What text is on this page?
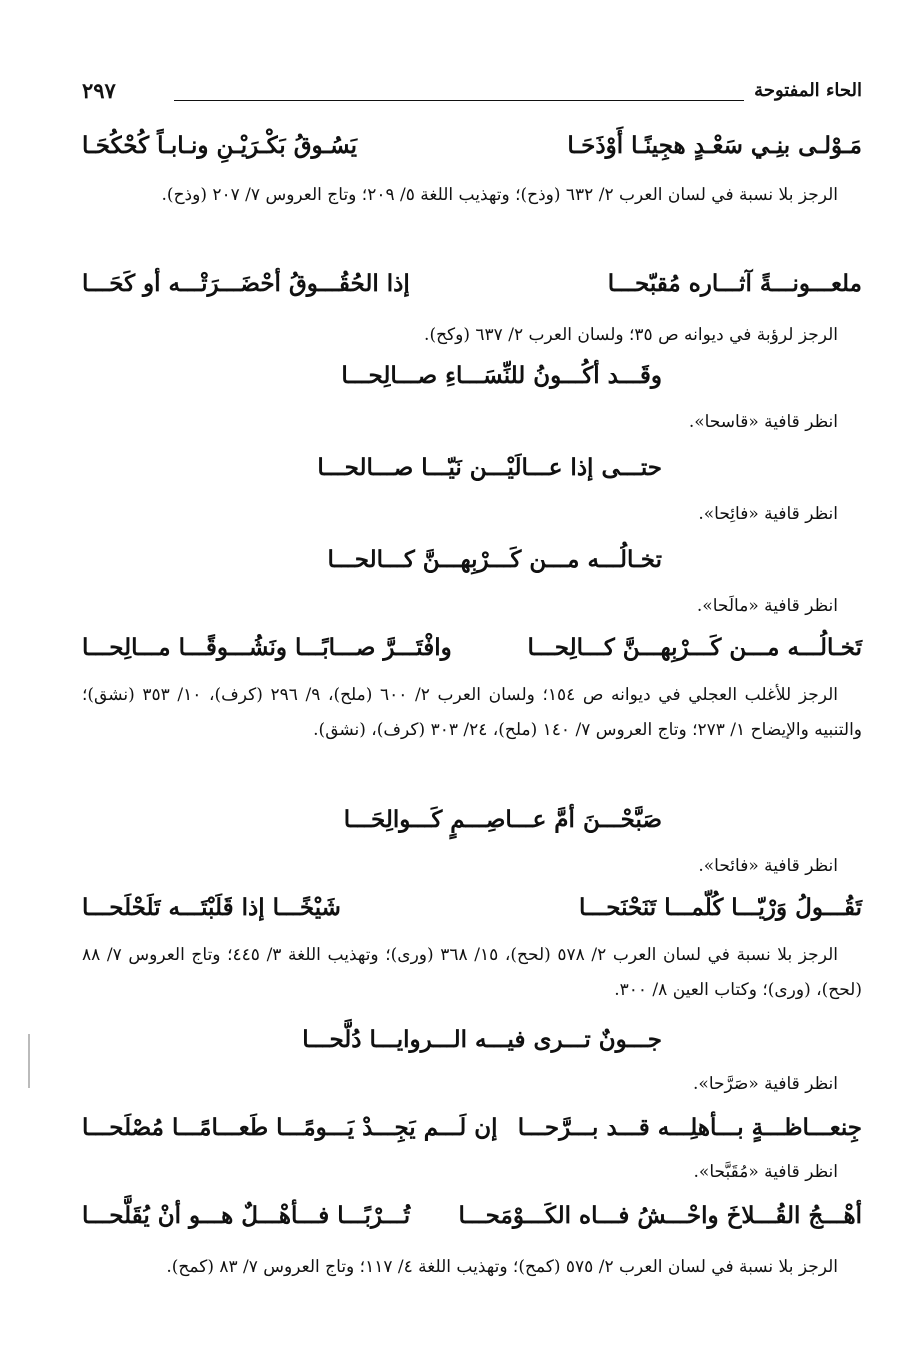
الحاء المفتوحة
٢٩٧
مَـوْلـى بنِـي سَعْـدٍ هجِينًـا أَوْذَحَـا
يَسُـوقُ بَكْـرَيْـنِ ونـابـاً كُحْكُحَـا
الرجز بلا نسبة في لسان العرب ٢/ ٦٣٢ (وذح)؛ وتهذيب اللغة ٥/ ٢٠٩؛ وتاج العروس ٧/ ٢٠٧ (وذح).
ملعـــونـــةً آثـــاره مُقبّحـــا
إذا الحُقُـــوقُ أحْضَـــرَتْـــه أو كَحَـــا
الرجز لرؤبة في ديوانه ص ٣٥؛ ولسان العرب ٢/ ٦٣٧ (وكح).
وقَـــد أكُـــونُ للنِّسَـــاءِ صـــالِحـــا
انظر قافية «قاسحا».
حتـــى إذا عـــالَيْـــن نَيّـــا صـــالحـــا
انظر قافية «فائِحا».
تخـالُـــه مـــن كَـــرْبِهـــنَّ كـــالحـــا
انظر قافية «مالَحا».
تَخـالُـــه مـــن كَـــرْبِهـــنَّ كـــالِحـــا
وافْتَـــرَّ صـــابًـــا ونَشُـــوقًـــا مـــالِحـــا
الرجز للأغلب العجلي في ديوانه ص ١٥٤؛ ولسان العرب ٢/ ٦٠٠ (ملح)، ٩/ ٢٩٦ (كرف)، ١٠/ ٣٥٣ (نشق)؛ والتنبيه والإيضاح ١/ ٢٧٣؛ وتاج العروس ٧/ ١٤٠ (ملح)، ٢٤/ ٣٠٣ (كرف)، (نشق).
صَبَّحْـــنَ أمَّ عـــاصِـــمٍ كَـــوالِحَـــا
انظر قافية «فائحا».
تَقُـــولُ وَرْيّـــا كُلّمـــا تَنَحْنَحـــا
شَيْخًـــا إذا قَلَبْتَـــه تَلَحْلَحـــا
الرجز بلا نسبة في لسان العرب ٢/ ٥٧٨ (لحح)، ١٥/ ٣٦٨ (ورى)؛ وتهذيب اللغة ٣/ ٤٤٥؛ وتاج العروس ٧/ ٨٨ (لحح)، (ورى)؛ وكتاب العين ٨/ ٣٠٠.
جـــونٌ تـــرى فيـــه الـــروايـــا دُلَّحـــا
انظر قافية «صَرَّحا».
جِنعـــاظـــةٍ بـــأهلِـــه قـــد بـــرَّحـــا
إن لَـــم يَجِـــدْ يَـــومًـــا طَعـــامًـــا مُصْلَحـــا
انظر قافية «مُقَبَّحا».
أهْـــجُ القُـــلاخَ واحْـــشُ فـــاه الكَـــوْمَحـــا
تُـــرْبًـــا فـــأهْـــلٌ هـــو أنْ يُقَلَّحـــا
الرجز بلا نسبة في لسان العرب ٢/ ٥٧٥ (كمح)؛ وتهذيب اللغة ٤/ ١١٧؛ وتاج العروس ٧/ ٨٣ (كمح).
